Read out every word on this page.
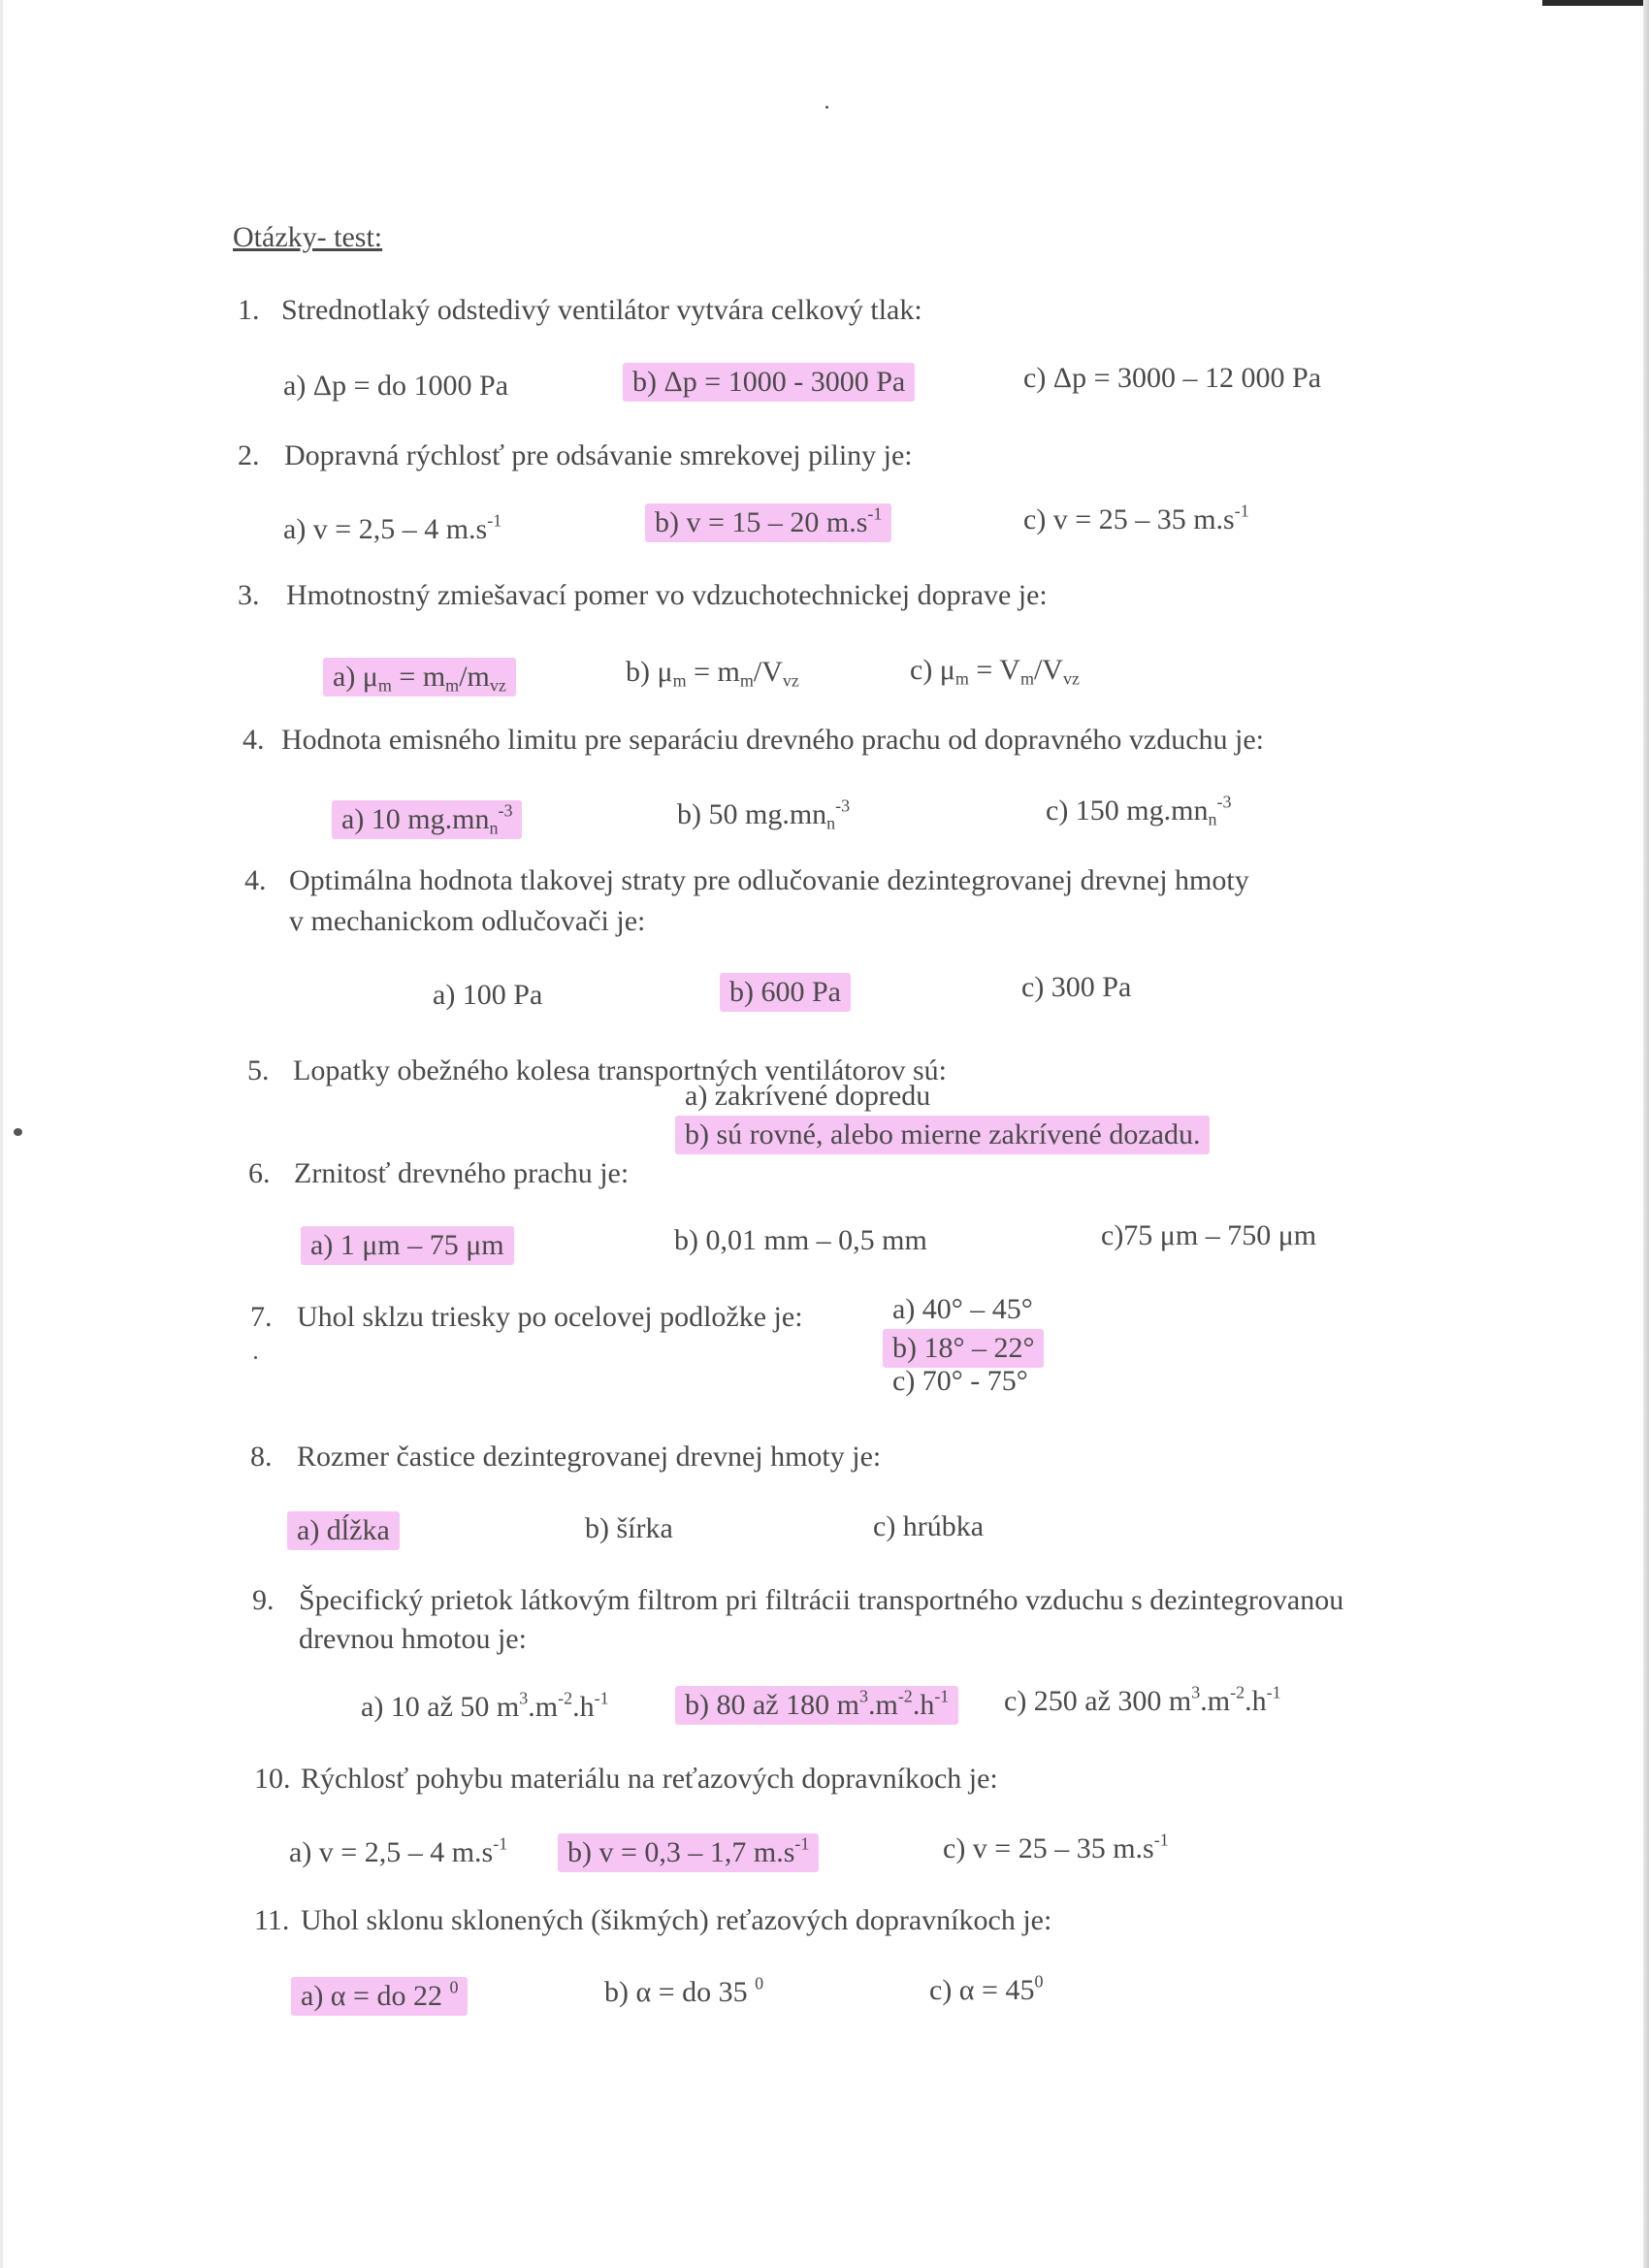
Otázky- test:
1. Strednotlaký odstedivý ventilátor vytvára celkový tlak:
a) Δp = do 1000 Pa	b) Δp = 1000 - 3000 Pa	c) Δp = 3000 – 12 000 Pa
2. Dopravná rýchlosť pre odsávanie smrekovej piliny je:
a) v = 2,5 – 4 $m.s^{-1}$	b) v = 15 – 20 $m.s^{-1}$	c) v = 25 – 35 $m.s^{-1}$
3. Hmotnostný zmiešavací pomer vo vdzuchotechnickej doprave je:
a) $\mu_m = m_m/m_{vz}$	b) $\mu_m = m_m/V_{vz}$	c) $\mu_m = V_m/V_{vz}$
4. Hodnota emisného limitu pre separáciu drevného prachu od dopravného vzduchu je:
a) 10 $mg.mn_n^{-3}$	b) 50 $mg.mn_n^{-3}$	c) 150 $mg.mn_n^{-3}$
4. Optimálna hodnota tlakovej straty pre odlučovanie dezintegrovanej drevnej hmoty
v mechanickom odlučovači je:
a) 100 Pa	b) 600 Pa	c) 300 Pa
5. Lopatky obežného kolesa transportných ventilátorov sú:
a) zakrívené dopredu
b) sú rovné, alebo mierne zakrívené dozadu.
6. Zrnitosť drevného prachu je:
a) 1 μm – 75 μm	b) 0,01 mm – 0,5 mm	c)75 μm – 750 μm
7. Uhol sklzu triesky po ocelovej podložke je:	a) 40° – 45°
b) 18° – 22°
c) 70° - 75°
8. Rozmer častice dezintegrovanej drevnej hmoty je:
a) dĺžka	b) šírka	c) hrúbka
9. Špecifický prietok látkovým filtrom pri filtrácii transportného vzduchu s dezintegrovanou
drevnou hmotou je:
a) 10 až 50 $m^3.m^{-2}.h^{-1}$	b) 80 až 180 $m^3.m^{-2}.h^{-1}$	c) 250 až 300 $m^3.m^{-2}.h^{-1}$
10. Rýchlosť pohybu materiálu na reťazových dopravníkoch je:
a) v = 2,5 – 4 $m.s^{-1}$	b) v = 0,3 – 1,7 $m.s^{-1}$	c) v = 25 – 35 $m.s^{-1}$
11. Uhol sklonu sklonených (šikmých) reťazových dopravníkoch je:
a) α = do 22 $^0$	b) α = do 35 $^0$	c) $\alpha = 45^0$
